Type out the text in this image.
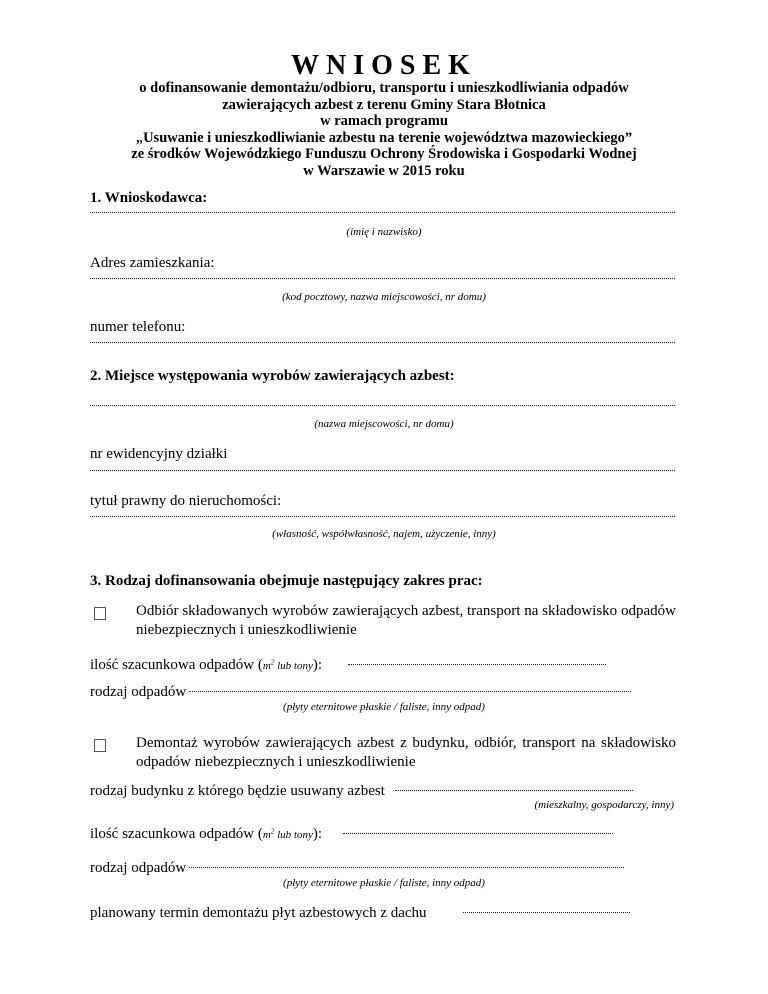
WNIOSEK
o dofinansowanie demontażu/odbioru, transportu i unieszkodliwiania odpadów
zawierających azbest z terenu Gminy Stara Błotnica
w ramach programu
„Usuwanie i unieszkodliwianie azbestu na terenie województwa mazowieckiego”
ze środków Wojewódzkiego Funduszu Ochrony Środowiska i Gospodarki Wodnej
w Warszawie w 2015 roku
1. Wnioskodawca:
(imię i nazwisko)
Adres zamieszkania:
(kod pocztowy, nazwa miejscowości, nr domu)
numer telefonu:
2. Miejsce występowania wyrobów zawierających azbest:
(nazwa miejscowości, nr domu)
nr ewidencyjny działki
tytuł prawny do nieruchomości:
(własność, współwłasność, najem, użyczenie, inny)
3. Rodzaj dofinansowania obejmuje następujący zakres prac:
Odbiór składowanych wyrobów zawierających azbest, transport na składowisko odpadów niebezpiecznych i unieszkodliwienie
ilość szacunkowa odpadów ($m^2$ lub tony):
rodzaj odpadów
(płyty eternitowe płaskie / faliste, inny odpad)
Demontaż wyrobów zawierających azbest z budynku, odbiór, transport na składowisko odpadów niebezpiecznych i unieszkodliwienie
rodzaj budynku z którego będzie usuwany azbest
(mieszkalny, gospodarczy, inny)
ilość szacunkowa odpadów ($m^2$ lub tony):
rodzaj odpadów
(płyty eternitowe płaskie / faliste, inny odpad)
planowany termin demontażu płyt azbestowych z dachu
